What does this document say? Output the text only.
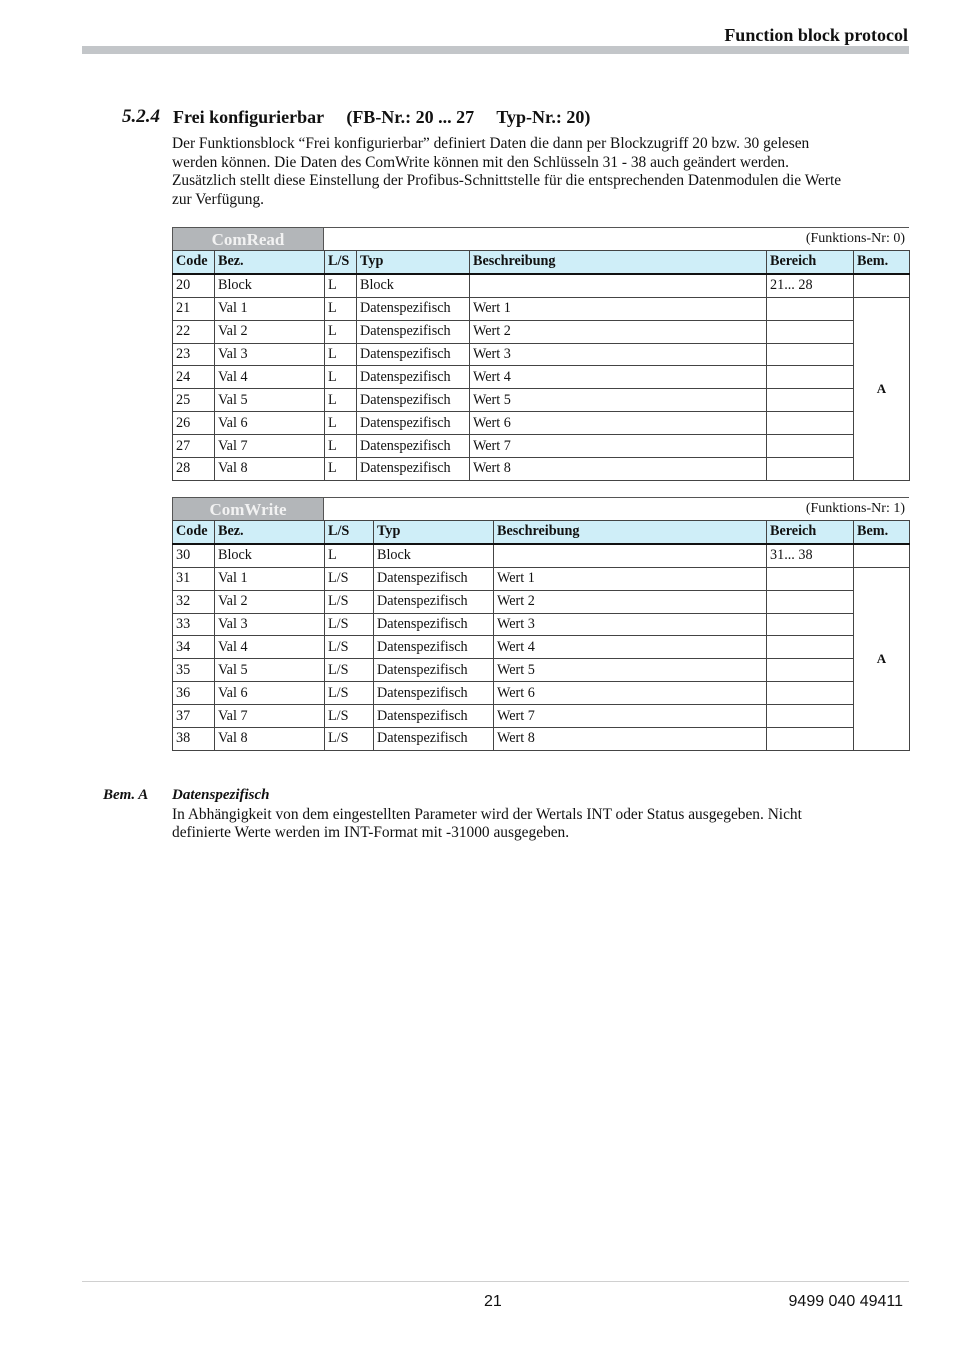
Function block protocol
5.2.4 Frei konfigurierbar     (FB-Nr.: 20 ... 27     Typ-Nr.: 20)

Der Funktionsblock “Frei konfigurierbar” definiert Daten die dann per Blockzugriff 20 bzw. 30 gelesen

werden können. Die Daten des ComWrite können mit den Schlüsseln 31 - 38 auch geändert werden.

Zusätzlich stellt diese Einstellung der Profibus-Schnittstelle für die entsprechenden Datenmodulen die Werte

zur Verfügung.

ComRead	(Funktions-Nr: 0)
Code	Bez.	L/S	Typ	Beschreibung	Bereich	Bem.
20	Block	L	Block		21... 28	
21	Val 1	L	Datenspezifisch	Wert 1		A
22	Val 2	L	Datenspezifisch	Wert 2		
23	Val 3	L	Datenspezifisch	Wert 3		
24	Val 4	L	Datenspezifisch	Wert 4		
25	Val 5	L	Datenspezifisch	Wert 5		
26	Val 6	L	Datenspezifisch	Wert 6		
27	Val 7	L	Datenspezifisch	Wert 7		
28	Val 8	L	Datenspezifisch	Wert 8		
ComWrite	(Funktions-Nr: 1)
Code	Bez.	L/S	Typ	Beschreibung	Bereich	Bem.
30	Block	L	Block		31... 38	
31	Val 1	L/S	Datenspezifisch	Wert 1		A
32	Val 2	L/S	Datenspezifisch	Wert 2		
33	Val 3	L/S	Datenspezifisch	Wert 3		
34	Val 4	L/S	Datenspezifisch	Wert 4		
35	Val 5	L/S	Datenspezifisch	Wert 5		
36	Val 6	L/S	Datenspezifisch	Wert 6		
37	Val 7	L/S	Datenspezifisch	Wert 7		
38	Val 8	L/S	Datenspezifisch	Wert 8		
Bem. A Datenspezifisch

In Abhängigkeit von dem eingestellten Parameter wird der Wertals INT oder Status ausgegeben. Nicht

definierte Werte werden im INT-Format mit -31000 ausgegeben.

21	9499 040 49411
